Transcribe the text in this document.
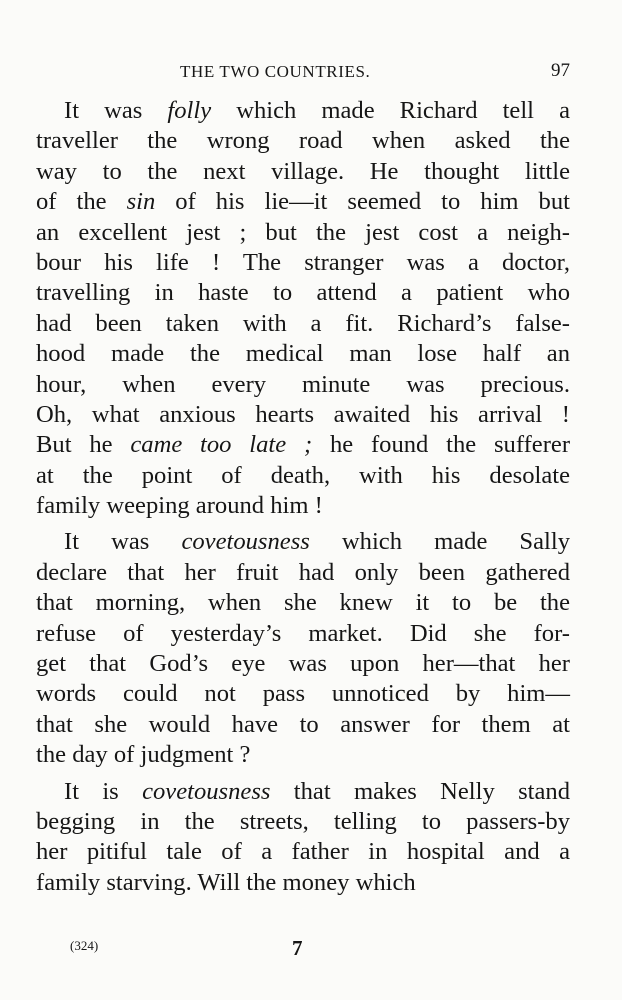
THE TWO COUNTRIES.	97
It was folly which made Richard tell a
traveller the wrong road when asked the
way to the next village. He thought little
of the sin of his lie—it seemed to him but
an excellent jest ; but the jest cost a neigh-
bour his life ! The stranger was a doctor,
travelling in haste to attend a patient who
had been taken with a fit. Richard’s false-
hood made the medical man lose half an
hour, when every minute was precious.
Oh, what anxious hearts awaited his arrival !
But he came too late ; he found the sufferer
at the point of death, with his desolate
family weeping around him !
It was covetousness which made Sally
declare that her fruit had only been gathered
that morning, when she knew it to be the
refuse of yesterday’s market. Did she for-
get that God’s eye was upon her—that her
words could not pass unnoticed by him—
that she would have to answer for them at
the day of judgment ?
It is covetousness that makes Nelly stand
begging in the streets, telling to passers-by
her pitiful tale of a father in hospital and a
family starving. Will the money which
(324)	7
